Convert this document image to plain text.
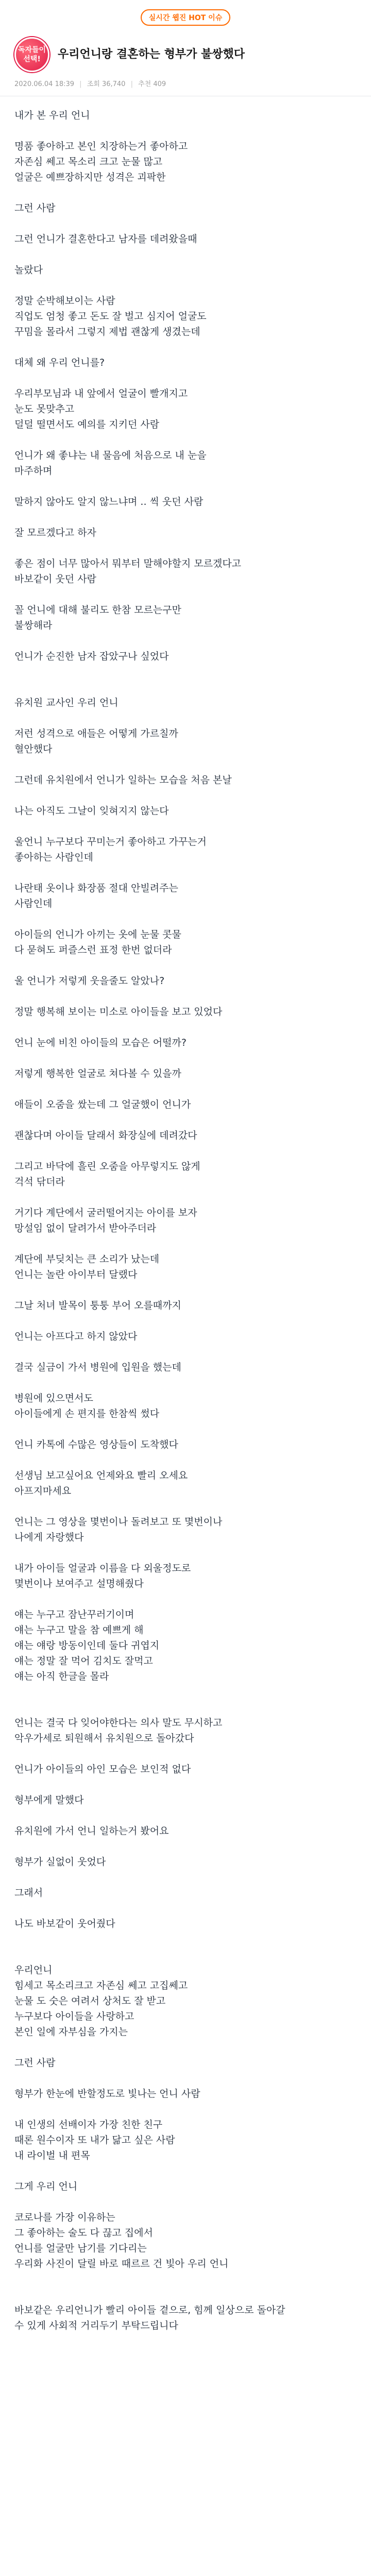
실시간 웹진 HOT 이슈
독자들이 선택!	우리언니랑 결혼하는 형부가 불쌍했다
2020.06.04 18:39 | 조회 36,740 | 추천 409

내가 본 우리 언니

명품 좋아하고 본인 치장하는거 좋아하고

자존심 쎄고 목소리 크고 눈물 많고

얼굴은 예쁘장하지만 성격은 괴팍한

그런 사람

그런 언니가 결혼한다고 남자를 데려왔을때

놀랐다

정말 순박해보이는 사람

직업도 엄청 좋고 돈도 잘 벌고 심지어 얼굴도

꾸밈을 몰라서 그렇지 제법 괜찮게 생겼는데

대체 왜 우리 언니를?

우리부모님과 내 앞에서 얼굴이 빨개지고

눈도 못맞추고

덜덜 떨면서도 예의를 지키던 사람

언니가 왜 좋냐는 내 물음에 처음으로 내 눈을

마주하며

말하지 않아도 알지 않느냐며 .. 씩 웃던 사람

잘 모르겠다고 하자

좋은 점이 너무 많아서 뭐부터 말해야할지 모르겠다고

바보같이 웃던 사람

꼴 언니에 대해 불리도 한참 모르는구만

불쌍해라

언니가 순진한 남자 잡았구나 싶었다

유치원 교사인 우리 언니

저런 성격으로 애들은 어떻게 가르칠까

혈안했다

그런데 유치원에서 언니가 일하는 모습을 처음 본날

나는 아직도 그날이 잊혀지지 않는다

울언니 누구보다 꾸미는거 좋아하고 가꾸는거

좋아하는 사람인데

나란태 옷이나 화장품 절대 안빌려주는

사람인데

아이들의 언니가 아끼는 옷에 눈물 콧물

다 묻혀도 퍼즐스런 표정 한번 없더라

울 언니가 저렇게 웃을줄도 알았나?

정말 행복해 보이는 미소로 아이들을 보고 있었다

언니 눈에 비친 아이들의 모습은 어떨까?

저렇게 행복한 얼굴로 쳐다볼 수 있을까

애들이 오줌을 쌌는데 그 얼굴했이 언니가

괜찮다며 아이들 달래서 화장실에 데려갔다

그리고 바닥에 흘린 오줌을 아무렇지도 않게

걱석 닦더라

거기다 계단에서 굴러떨어지는 아이를 보자

망설임 없이 달려가서 받아주더라

계단에 부딪치는 큰 소리가 났는데

언니는 놀란 아이부터 달랬다

그날 처녀 발목이 퉁퉁 부어 오를때까지

언니는 아프다고 하지 않았다

결국 실금이 가서 병원에 입원을 했는데

병원에 있으면서도

아이들에게 손 편지를 한참씩 썼다

언니 카톡에 수많은 영상들이 도착했다

선생님 보고싶어요 언제와요 빨리 오세요

아프지마세요

언니는 그 영상을 몇번이나 돌려보고 또 몇번이나

나에게 자랑했다

내가 아이들 얼굴과 이름을 다 외울정도로

몇번이나 보여주고 설명해줬다

얘는 누구고 잠난꾸러기이며

얘는 누구고 말을 참 예쁘게 해

얘는 얘랑 방동이인데 둘다 귀엽지

얘는 정말 잘 먹어 김치도 잘먹고

얘는 아직 한글을 몰라

언니는 결국 다 잊어야한다는 의사 말도 무시하고

악우가세로 퇴원해서 유치원으로 돌아갔다

언니가 아이들의 아인 모습은 보인적 없다

형부에게 말했다

유치원에 가서 언니 일하는거 봤어요

형부가 실없이 웃었다

그래서

나도 바보같이 웃어줬다

우리언니

힘세고 목소리크고 자존심 쎄고 고집쎄고

눈물 도 숫은 여려서 상처도 잘 받고

누구보다 아이들을 사랑하고

본인 일에 자부심을 가지는

그런 사람

형부가 한눈에 반할정도로 빛나는 언니 사람

내 인생의 선배이자 가장 친한 친구

때론 원수이자 또 내가 닮고 싶은 사람

내 라이벌 내 편목

그게 우리 언니

코로나를 가장 이유하는

그 좋아하는 술도 다 끊고 집에서

언니를 얼굴만 남기를 기다리는

우리화 사진이 달릴 바로 때르르 건 빛아 우리 언니

바보같은 우리언니가 빨리 아이들 곁으로, 힘께 일상으로 돌아갈

수 있게 사회적 거리두기 부탁드립니다
